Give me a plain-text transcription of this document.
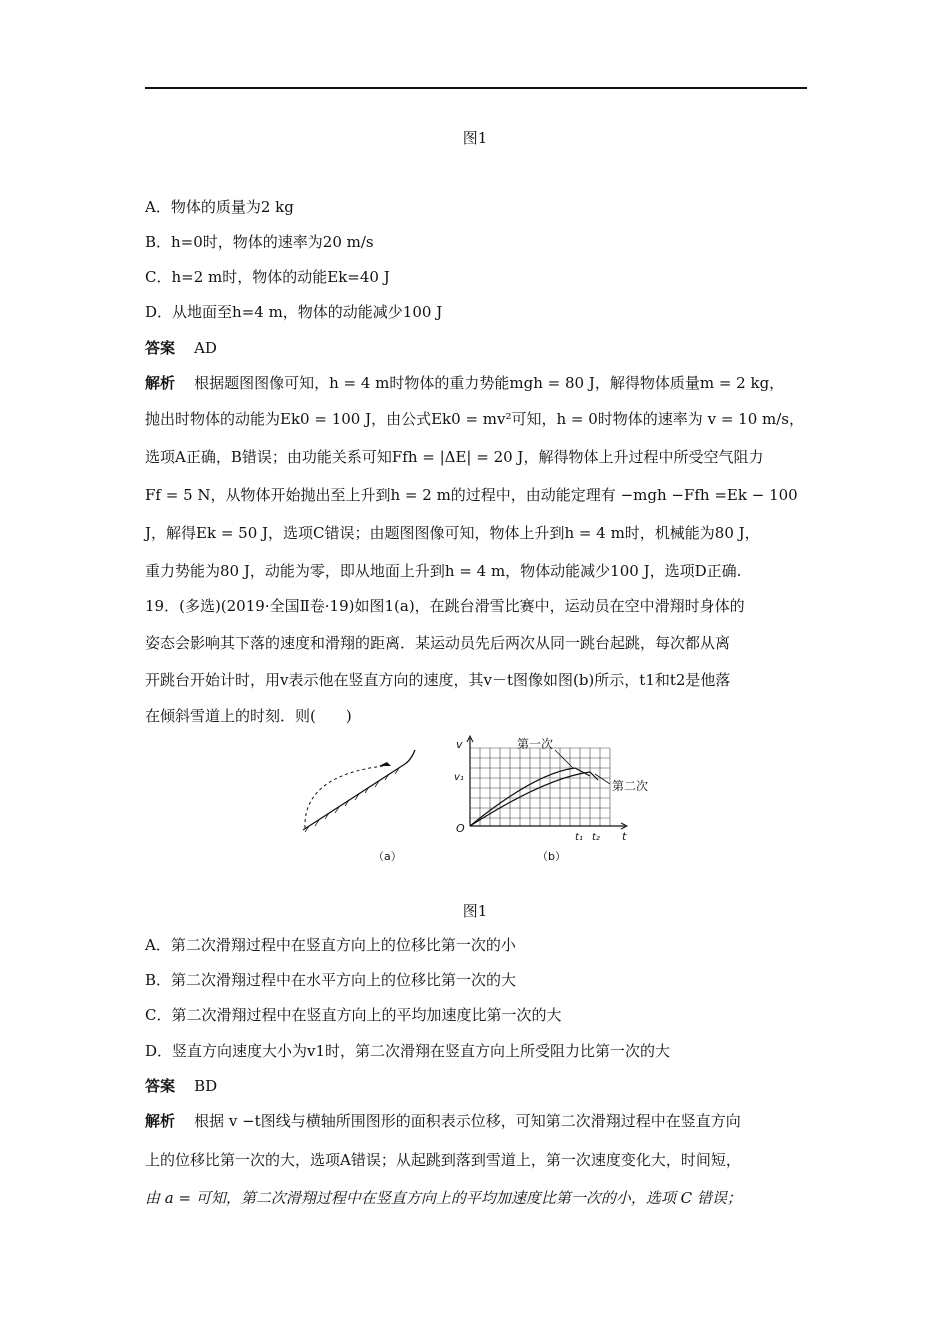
图1
A．物体的质量为2 kg
B．h=0时，物体的速率为20 m/s
C．h=2 m时，物体的动能Ek=40 J
D．从地面至h=4 m，物体的动能减少100 J
答案 AD
解析 根据题图图像可知，h = 4 m时物体的重力势能mgh = 80 J，解得物体质量m = 2 kg，
抛出时物体的动能为Ek0 = 100 J，由公式Ek0 = mv²可知，h = 0时物体的速率为 v = 10 m/s，
选项A正确，B错误；由功能关系可知Ffh = |ΔE| = 20 J，解得物体上升过程中所受空气阻力
Ff = 5 N，从物体开始抛出至上升到h = 2 m的过程中，由动能定理有 −mgh −Ffh =Ek − 100
J，解得Ek = 50 J，选项C错误；由题图图像可知，物体上升到h = 4 m时，机械能为80 J，
重力势能为80 J，动能为零，即从地面上升到h = 4 m，物体动能减少100 J，选项D正确.
19．(多选)(2019·全国Ⅱ卷·19)如图1(a)，在跳台滑雪比赛中，运动员在空中滑翔时身体的
姿态会影响其下落的速度和滑翔的距离．某运动员先后两次从同一跳台起跳，每次都从离
开跳台开始计时，用v表示他在竖直方向的速度，其v－t图像如图(b)所示，t1和t2是他落
在倾斜雪道上的时刻．则(　　)
（a）
第一次
第二次
v
v₁
O
t₁ t₂ t
（b）
图1
A．第二次滑翔过程中在竖直方向上的位移比第一次的小
B．第二次滑翔过程中在水平方向上的位移比第一次的大
C．第二次滑翔过程中在竖直方向上的平均加速度比第一次的大
D．竖直方向速度大小为v1时，第二次滑翔在竖直方向上所受阻力比第一次的大
答案 BD
解析 根据 v −t图线与横轴所围图形的面积表示位移，可知第二次滑翔过程中在竖直方向
上的位移比第一次的大，选项A错误；从起跳到落到雪道上，第一次速度变化大，时间短，
由 a = 可知，第二次滑翔过程中在竖直方向上的平均加速度比第一次的小，选项 C 错误；
